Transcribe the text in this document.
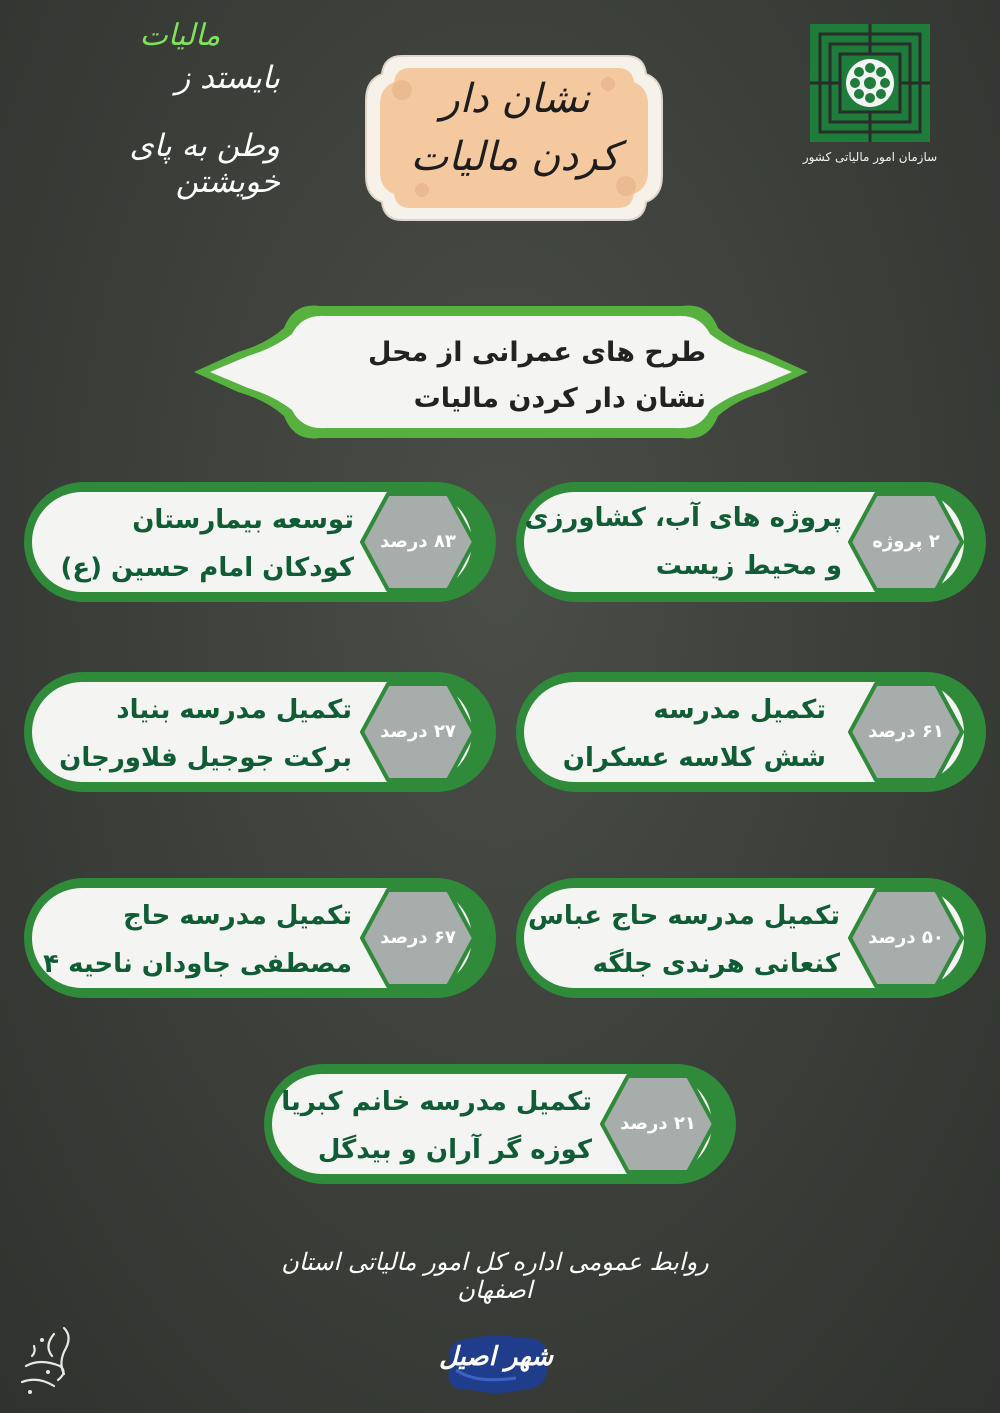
سازمان امور مالیاتی کشور
نشان دار
کردن مالیات
مالیات
بایستد ز
وطن به پای خویشتن
طرح های عمرانی از محل
نشان دار کردن مالیات
پروژه های آب، کشاورزی
و محیط زیست
۲ پروژه
توسعه بیمارستان
کودکان امام حسین (ع)
۸۳ درصد
تکمیل مدرسه
شش کلاسه عسکران
۶۱ درصد
تکمیل مدرسه بنیاد
برکت جوجیل فلاورجان
۲۷ درصد
تکمیل مدرسه حاج عباس
کنعانی هرندی جلگه
۵۰ درصد
تکمیل مدرسه حاج
مصطفی جاودان ناحیه ۴
۶۷ درصد
تکمیل مدرسه خانم کبریا
کوزه گر آران و بیدگل
۲۱ درصد
روابط عمومی اداره کل امور مالیاتی استان اصفهان
شهر اصیل
